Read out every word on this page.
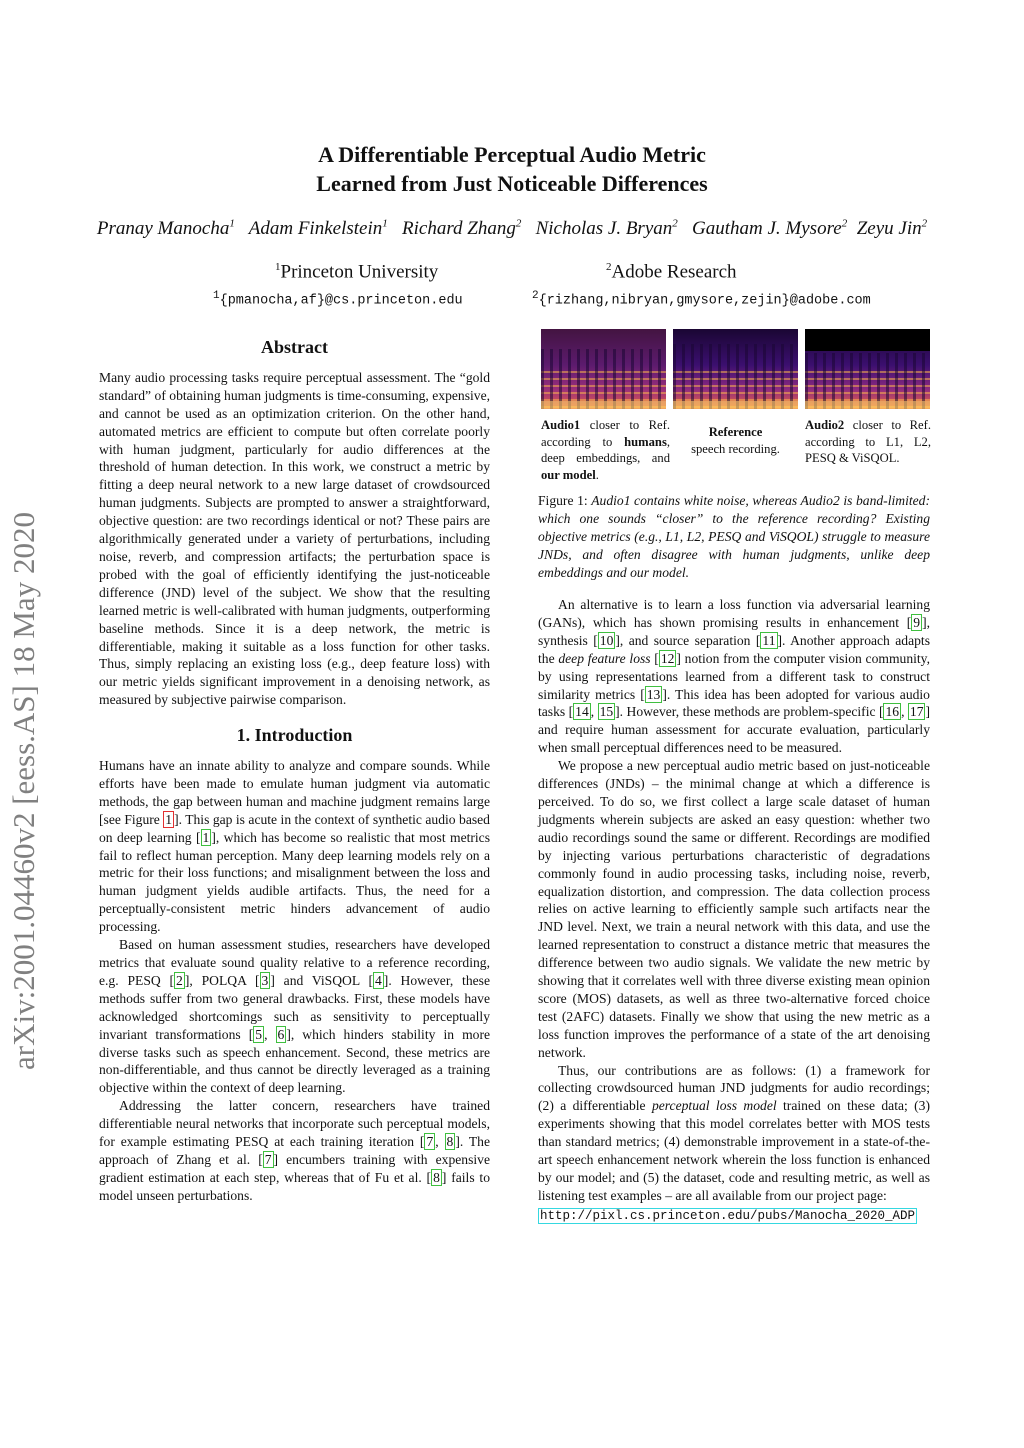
arXiv:2001.04460v2 [eess.AS] 18 May 2020
A Differentiable Perceptual Audio Metric
Learned from Just Noticeable Differences
Pranay Manocha$^1$ Adam Finkelstein$^1$ Richard Zhang$^2$ Nicholas J. Bryan$^2$ Gautham J. Mysore$^2$ Zeyu Jin$^2$
$^1$Princeton University
$^1${pmanocha,af}@cs.princeton.edu
$^2$Adobe Research
$^2${rizhang,nibryan,gmysore,zejin}@adobe.com
Abstract

Many audio processing tasks require perceptual assessment. The “gold standard” of obtaining human judgments is time-consuming, expensive, and cannot be used as an optimization criterion. On the other hand, automated metrics are efficient to compute but often correlate poorly with human judgment, particularly for audio differences at the threshold of human detection. In this work, we construct a metric by fitting a deep neural network to a new large dataset of crowdsourced human judgments. Subjects are prompted to answer a straightforward, objective question: are two recordings identical or not? These pairs are algorithmically generated under a variety of perturbations, including noise, reverb, and compression artifacts; the perturbation space is probed with the goal of efficiently identifying the just-noticeable difference (JND) level of the subject. We show that the resulting learned metric is well-calibrated with human judgments, outperforming baseline methods. Since it is a deep network, the metric is differentiable, making it suitable as a loss function for other tasks. Thus, simply replacing an existing loss (e.g., deep feature loss) with our metric yields significant improvement in a denoising network, as measured by subjective pairwise comparison.

1. Introduction

Humans have an innate ability to analyze and compare sounds. While efforts have been made to emulate human judgment via automatic methods, the gap between human and machine judgment remains large [see Figure 1 ]. This gap is acute in the context of synthetic audio based on deep learning [ 1 ], which has become so realistic that most metrics fail to reflect human perception. Many deep learning models rely on a metric for their loss functions; and misalignment between the loss and human judgment yields audible artifacts. Thus, the need for a perceptually-consistent metric hinders advancement of audio processing.

Based on human assessment studies, researchers have developed metrics that evaluate sound quality relative to a reference recording, e.g. PESQ [ 2 ], POLQA [ 3 ] and ViSQOL [ 4 ]. However, these methods suffer from two general drawbacks. First, these models have acknowledged shortcomings such as sensitivity to perceptually invariant transformations [ 5 , 6 ], which hinders stability in more diverse tasks such as speech enhancement. Second, these metrics are non-differentiable, and thus cannot be directly leveraged as a training objective within the context of deep learning.

Addressing the latter concern, researchers have trained differentiable neural networks that incorporate such perceptual models, for example estimating PESQ at each training iteration [ 7 , 8 ]. The approach of Zhang et al. [ 7 ] encumbers training with expensive gradient estimation at each step, whereas that of Fu et al. [ 8 ] fails to model unseen perturbations.

Audio1 closer to Ref. according to humans, deep embeddings, and our model.
Reference
speech recording.
Audio2 closer to Ref. according to L1, L2, PESQ & ViSQOL.
Figure 1: Audio1 contains white noise, whereas Audio2 is band-limited: which one sounds “closer” to the reference recording? Existing objective metrics (e.g., L1, L2, PESQ and ViSQOL) struggle to measure JNDs, and often disagree with human judgments, unlike deep embeddings and our model.

An alternative is to learn a loss function via adversarial learning (GANs), which has shown promising results in enhancement [ 9 ], synthesis [ 10 ], and source separation [ 11 ]. Another approach adapts the deep feature loss [ 12 ] notion from the computer vision community, by using representations learned from a different task to construct similarity metrics [ 13 ]. This idea has been adopted for various audio tasks [ 14 , 15 ]. However, these methods are problem-specific [ 16 , 17 ] and require human assessment for accurate evaluation, particularly when small perceptual differences need to be measured.

We propose a new perceptual audio metric based on just-noticeable differences (JNDs) – the minimal change at which a difference is perceived. To do so, we first collect a large scale dataset of human judgments wherein subjects are asked an easy question: whether two audio recordings sound the same or different. Recordings are modified by injecting various perturbations characteristic of degradations commonly found in audio processing tasks, including noise, reverb, equalization distortion, and compression. The data collection process relies on active learning to efficiently sample such artifacts near the JND level. Next, we train a neural network with this data, and use the learned representation to construct a distance metric that measures the difference between two audio signals. We validate the new metric by showing that it correlates well with three diverse existing mean opinion score (MOS) datasets, as well as three two-alternative forced choice test (2AFC) datasets. Finally we show that using the new metric as a loss function improves the performance of a state of the art denoising network.

Thus, our contributions are as follows: (1) a framework for collecting crowdsourced human JND judgments for audio recordings; (2) a differentiable perceptual loss model trained on these data; (3) experiments showing that this model correlates better with MOS tests than standard metrics; (4) demonstrable improvement in a state-of-the-art speech enhancement network wherein the loss function is enhanced by our model; and (5) the dataset, code and resulting metric, as well as listening test examples – are all available from our project page:

http://pixl.cs.princeton.edu/pubs/Manocha_2020_ADP
